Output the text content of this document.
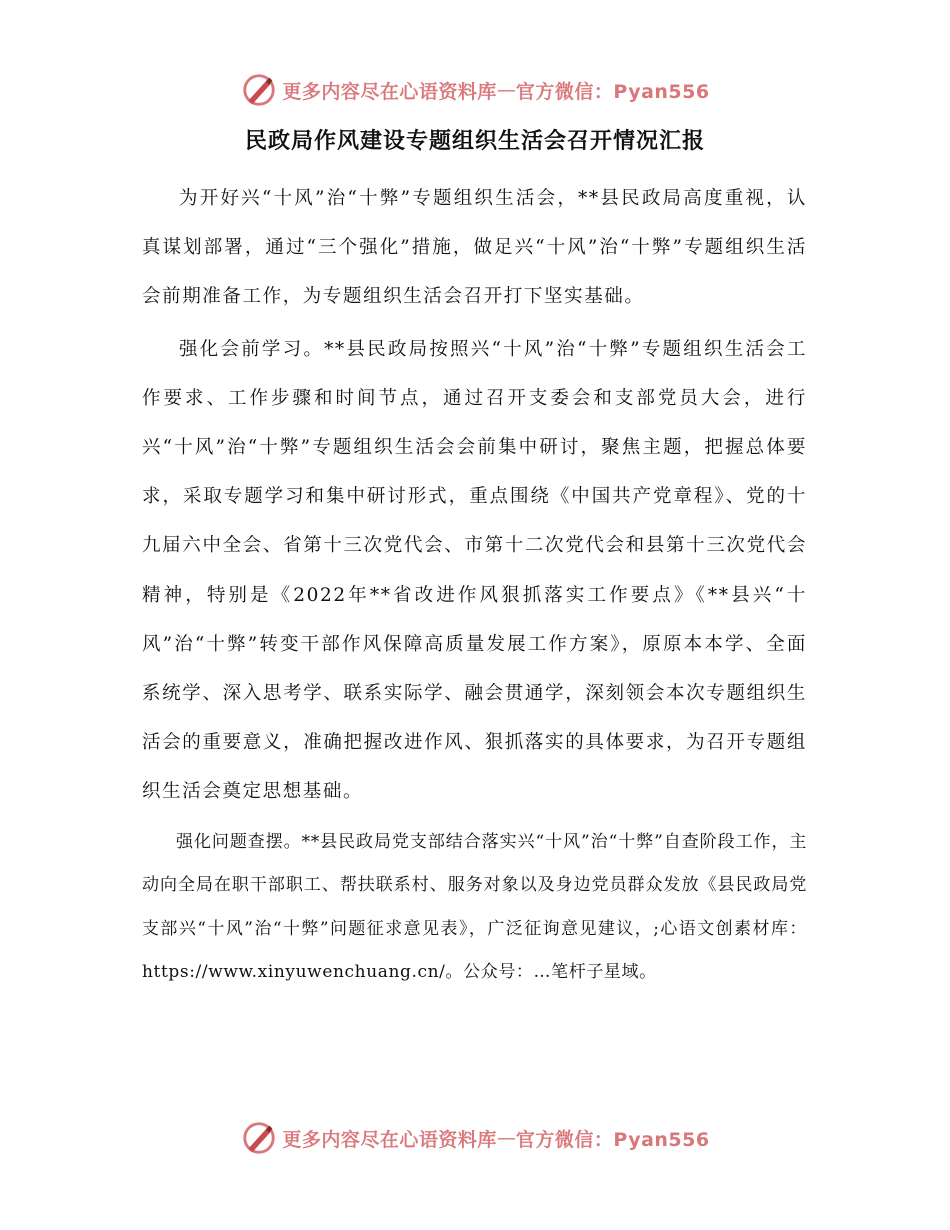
更多内容尽在心语资料库 — 官方微信：Pyan556
民政局作风建设专题组织生活会召开情况汇报

为开好兴“十风”治“十弊”专题组织生活会，**县民政局高度重视，认真谋划部署，通过“三个强化”措施，做足兴“十风”治“十弊”专题组织生活会前期准备工作，为专题组织生活会召开打下坚实基础。

强化会前学习。**县民政局按照兴“十风”治“十弊”专题组织生活会工作要求、工作步骤和时间节点，通过召开支委会和支部党员大会，进行兴“十风”治“十弊”专题组织生活会会前集中研讨，聚焦主题，把握总体要求，采取专题学习和集中研讨形式，重点围绕《中国共产党章程》、党的十九届六中全会、省第十三次党代会、市第十二次党代会和县第十三次党代会精神，特别是《2022年**省改进作风狠抓落实工作要点》《**县兴“十风”治“十弊”转变干部作风保障高质量发展工作方案》，原原本本学、全面系统学、深入思考学、联系实际学、融会贯通学，深刻领会本次专题组织生活会的重要意义，准确把握改进作风、狠抓落实的具体要求，为召开专题组织生活会奠定思想基础。

强化问题查摆。**县民政局党支部结合落实兴“十风”治“十弊”自查阶段工作，主动向全局在职干部职工、帮扶联系村、服务对象以及身边党员群众发放《县民政局党支部兴“十风”治“十弊”问题征求意见表》，广泛征询意见建议，;心语文创素材库：https://www.xinyuwenchuang.cn/。公众号：…笔杆子星域。

更多内容尽在心语资料库 — 官方微信：Pyan556
